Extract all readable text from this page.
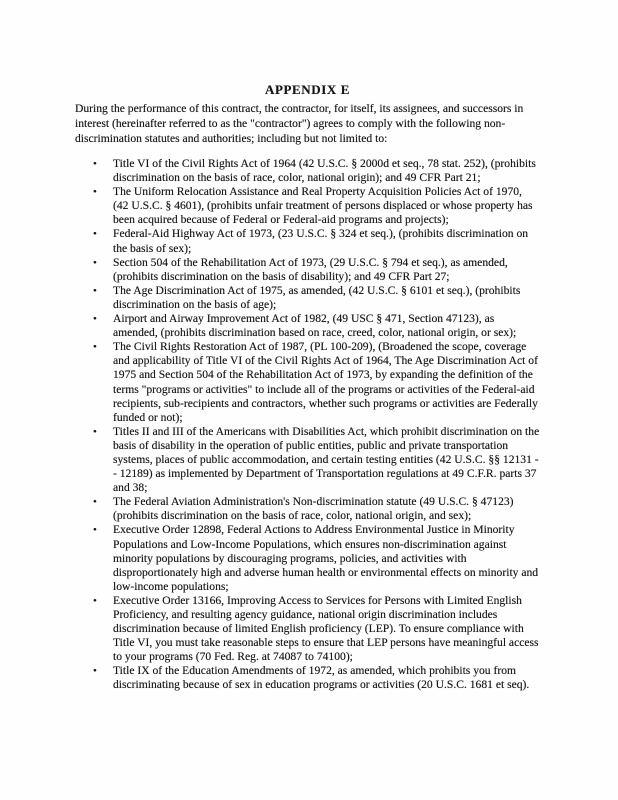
APPENDIX E

During the performance of this contract, the contractor, for itself, its assignees, and successors in interest (hereinafter referred to as the "contractor") agrees to comply with the following non-discrimination statutes and authorities; including but not limited to:

• Title VI of the Civil Rights Act of 1964 (42 U.S.C. § 2000d et seq., 78 stat. 252), (prohibits discrimination on the basis of race, color, national origin); and 49 CFR Part 21;
• The Uniform Relocation Assistance and Real Property Acquisition Policies Act of 1970, (42 U.S.C. § 4601), (prohibits unfair treatment of persons displaced or whose property has been acquired because of Federal or Federal-aid programs and projects);
• Federal-Aid Highway Act of 1973, (23 U.S.C. § 324 et seq.), (prohibits discrimination on the basis of sex);
• Section 504 of the Rehabilitation Act of 1973, (29 U.S.C. § 794 et seq.), as amended, (prohibits discrimination on the basis of disability); and 49 CFR Part 27;
• The Age Discrimination Act of 1975, as amended, (42 U.S.C. § 6101 et seq.), (prohibits discrimination on the basis of age);
• Airport and Airway Improvement Act of 1982, (49 USC § 471, Section 47123), as amended, (prohibits discrimination based on race, creed, color, national origin, or sex);
• The Civil Rights Restoration Act of 1987, (PL 100-209), (Broadened the scope, coverage and applicability of Title VI of the Civil Rights Act of 1964, The Age Discrimination Act of 1975 and Section 504 of the Rehabilitation Act of 1973, by expanding the definition of the terms "programs or activities" to include all of the programs or activities of the Federal-aid recipients, sub-recipients and contractors, whether such programs or activities are Federally funded or not);
• Titles II and III of the Americans with Disabilities Act, which prohibit discrimination on the basis of disability in the operation of public entities, public and private transportation systems, places of public accommodation, and certain testing entities (42 U.S.C. §§ 12131 -- 12189) as implemented by Department of Transportation regulations at 49 C.F.R. parts 37 and 38;
• The Federal Aviation Administration's Non-discrimination statute (49 U.S.C. § 47123) (prohibits discrimination on the basis of race, color, national origin, and sex);
• Executive Order 12898, Federal Actions to Address Environmental Justice in Minority Populations and Low-Income Populations, which ensures non-discrimination against minority populations by discouraging programs, policies, and activities with disproportionately high and adverse human health or environmental effects on minority and low-income populations;
• Executive Order 13166, Improving Access to Services for Persons with Limited English Proficiency, and resulting agency guidance, national origin discrimination includes discrimination because of limited English proficiency (LEP). To ensure compliance with Title VI, you must take reasonable steps to ensure that LEP persons have meaningful access to your programs (70 Fed. Reg. at 74087 to 74100);
• Title IX of the Education Amendments of 1972, as amended, which prohibits you from discriminating because of sex in education programs or activities (20 U.S.C. 1681 et seq).
